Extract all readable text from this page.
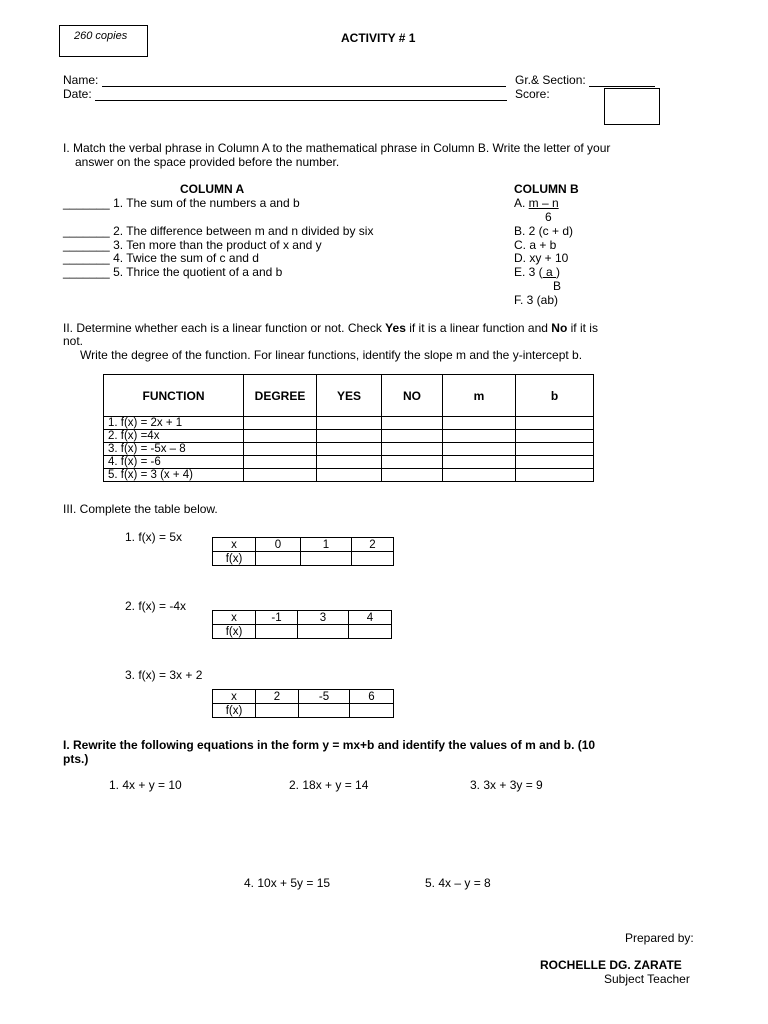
260 copies	ACTIVITY # 1
Name:
Date:
Gr.& Section:
Score:
I. Match the verbal phrase in Column A to the mathematical phrase in Column B. Write the letter of your
answer on the space provided before the number.
COLUMN A	COLUMN B
_______ 1. The sum of the numbers a and b
_______ 2. The difference between m and n divided by six
_______ 3. Ten more than the product of x and y
_______ 4. Twice the sum of c and d
_______ 5. Thrice the quotient of a and b
A. m – n
6
B. 2 (c + d)
C. a + b
D. xy + 10
E. 3 ( a )
B
F. 3 (ab)
II. Determine whether each is a linear function or not. Check Yes if it is a linear function and No if it is
not.
Write the degree of the function. For linear functions, identify the slope m and the y-intercept b.
FUNCTION	DEGREE	YES	NO	m	b
1. f(x) = 2x + 1					
2. f(x) =4x					
3. f(x) = -5x – 8					
4. f(x) = -6					
5. f(x) = 3 (x + 4)					
III. Complete the table below.
1. f(x) = 5x
x	0	1	2
f(x)			
2. f(x) = -4x
x	-1	3	4
f(x)			
3. f(x) = 3x + 2
x	2	-5	6
f(x)			
I. Rewrite the following equations in the form y = mx+b and identify the values of m and b. (10
pts.)
1. 4x + y = 10	2. 18x + y = 14	3. 3x + 3y = 9
4. 10x + 5y = 15	5. 4x – y = 8
Prepared by:
ROCHELLE DG. ZARATE
Subject Teacher
